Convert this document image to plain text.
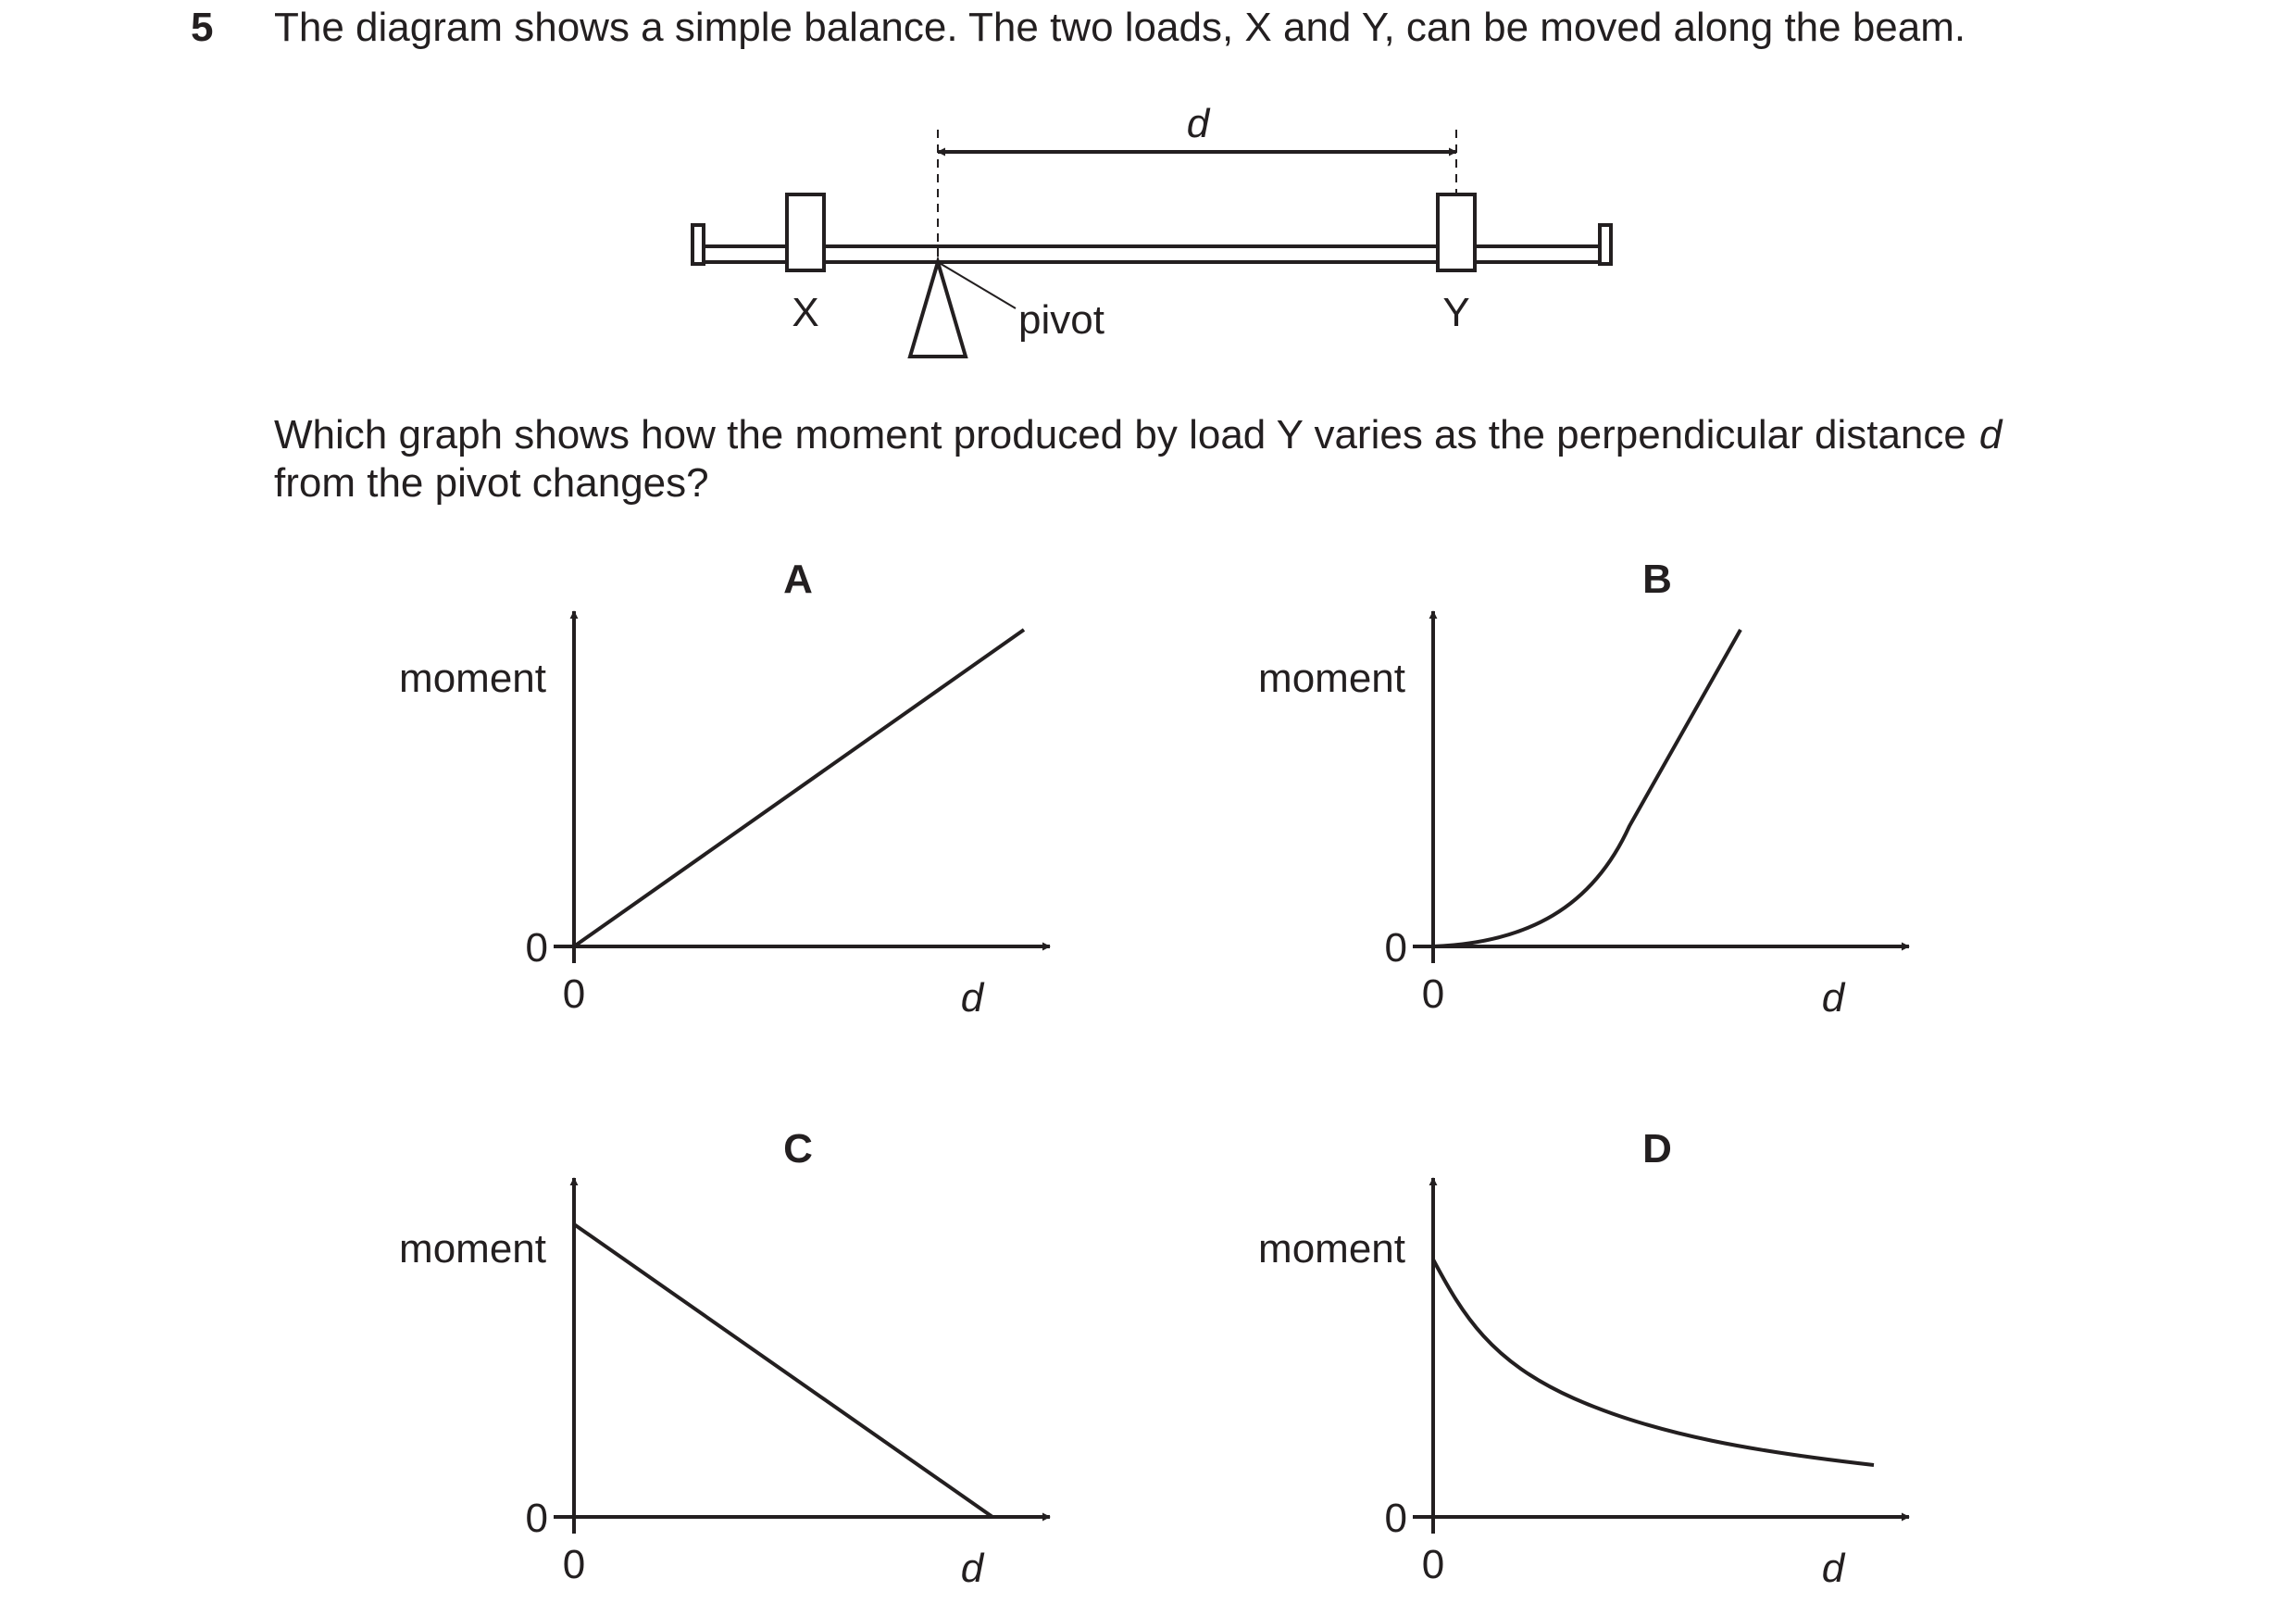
5 The diagram shows a simple balance. The two loads, X and Y, can be moved along the beam.
d
X	Y
pivot
Which graph shows how the moment produced by load Y varies as the perpendicular distance d
from the pivot changes?
A
moment
0
0	d
B
moment
0
0	d
C
moment
0
0	d
D
moment
0
0	d
